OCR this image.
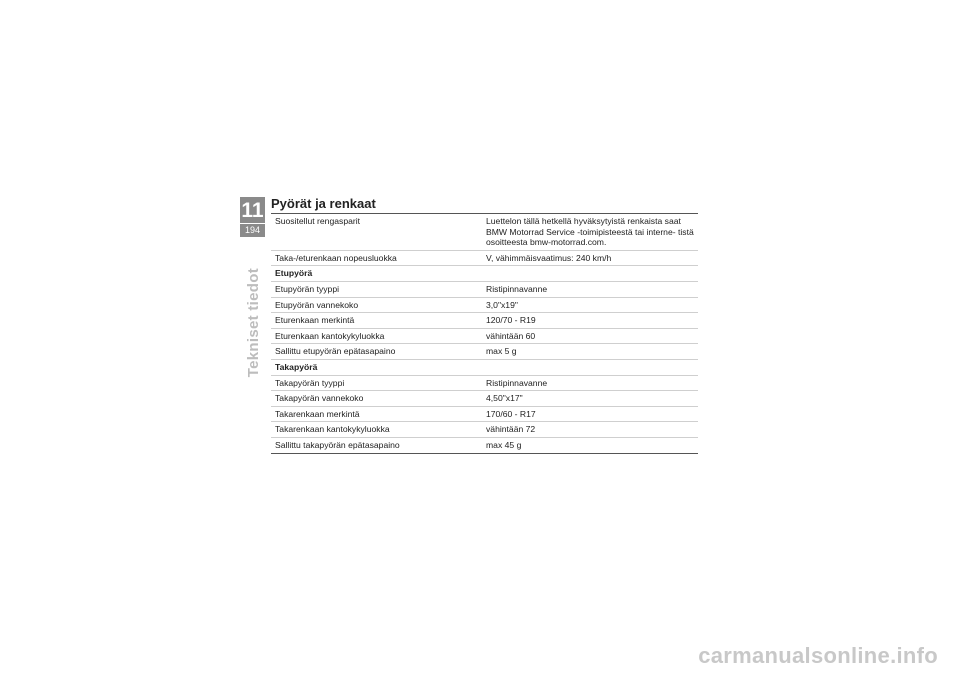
11
194
Tekniset tiedot
Pyörät ja renkaat
Suositellut rengasparit	Luettelon tällä hetkellä hyväksytyistä renkaista saat BMW Motorrad Service -toimipisteestä tai interne- tistä osoitteesta bmw-motorrad.com.
Taka-/eturenkaan nopeusluokka	V, vähimmäisvaatimus: 240 km/h
Etupyörä
Etupyörän tyyppi	Ristipinnavanne
Etupyörän vannekoko	3,0"x19"
Eturenkaan merkintä	120/70 - R19
Eturenkaan kantokykyluokka	vähintään 60
Sallittu etupyörän epätasapaino	max 5 g
Takapyörä
Takapyörän tyyppi	Ristipinnavanne
Takapyörän vannekoko	4,50"x17"
Takarenkaan merkintä	170/60 - R17
Takarenkaan kantokykyluokka	vähintään 72
Sallittu takapyörän epätasapaino	max 45 g
carmanualsonline.info
